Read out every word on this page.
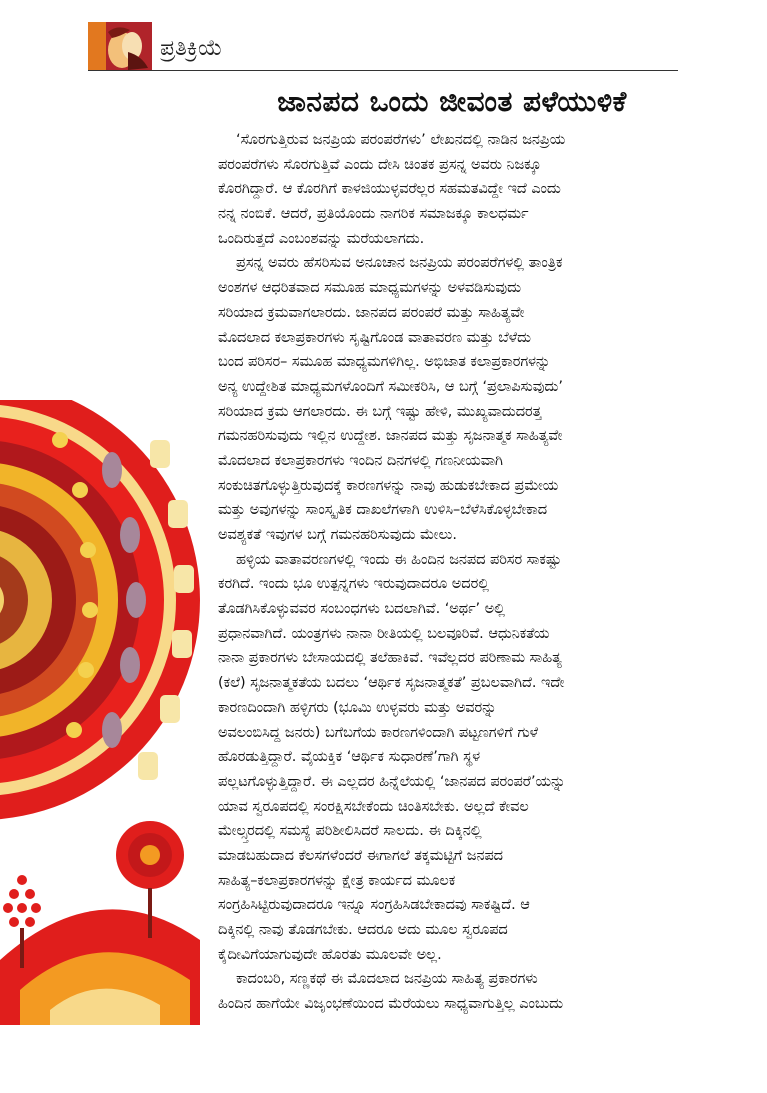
ಪ್ರತಿಕ್ರಿಯೆ
ಜಾನಪದ ಒಂದು ಜೀವಂತ ಪಳೆಯುಳಿಕೆ
‘ಸೊರಗುತ್ತಿರುವ ಜನಪ್ರಿಯ ಪರಂಪರೆಗಳು’ ಲೇಖನದಲ್ಲಿ ನಾಡಿನ ಜನಪ್ರಿಯ
ಪರಂಪರೆಗಳು ಸೊರಗುತ್ತಿವೆ ಎಂದು ದೇಸಿ ಚಿಂತಕ ಪ್ರಸನ್ನ ಅವರು ನಿಜಕ್ಕೂ
ಕೊರಗಿದ್ದಾರೆ. ಆ ಕೊರಗಿಗೆ ಕಾಳಜಿಯುಳ್ಳವರೆಲ್ಲರ ಸಹಮತವಿದ್ದೇ ಇದೆ ಎಂದು
ನನ್ನ ನಂಬಿಕೆ. ಆದರೆ, ಪ್ರತಿಯೊಂದು ನಾಗರಿಕ ಸಮಾಜಕ್ಕೂ ಕಾಲಧರ್ಮ
ಒಂದಿರುತ್ತದೆ ಎಂಬಂಶವನ್ನು ಮರೆಯಲಾಗದು.
ಪ್ರಸನ್ನ ಅವರು ಹೆಸರಿಸುವ ಅನೂಚಾನ ಜನಪ್ರಿಯ ಪರಂಪರೆಗಳಲ್ಲಿ ತಾಂತ್ರಿಕ
ಅಂಶಗಳ ಆಧರಿತವಾದ ಸಮೂಹ ಮಾಧ್ಯಮಗಳನ್ನು ಅಳವಡಿಸುವುದು
ಸರಿಯಾದ ಕ್ರಮವಾಗಲಾರದು. ಜಾನಪದ ಪರಂಪರೆ ಮತ್ತು ಸಾಹಿತ್ಯವೇ
ಮೊದಲಾದ ಕಲಾಪ್ರಕಾರಗಳು ಸೃಷ್ಟಿಗೊಂಡ ವಾತಾವರಣ ಮತ್ತು ಬೆಳೆದು
ಬಂದ ಪರಿಸರ– ಸಮೂಹ ಮಾಧ್ಯಮಗಳಿಗಿಲ್ಲ. ಅಭಿಜಾತ ಕಲಾಪ್ರಕಾರಗಳನ್ನು
ಅನ್ಯ ಉದ್ದೇಶಿತ ಮಾಧ್ಯಮಗಳೊಂದಿಗೆ ಸಮೀಕರಿಸಿ, ಆ ಬಗ್ಗೆ ‘ಪ್ರಲಾಪಿಸುವುದು’
ಸರಿಯಾದ ಕ್ರಮ ಆಗಲಾರದು. ಈ ಬಗ್ಗೆ ಇಷ್ಟು ಹೇಳಿ, ಮುಖ್ಯವಾದುದರತ್ತ
ಗಮನಹರಿಸುವುದು ಇಲ್ಲಿನ ಉದ್ದೇಶ. ಜಾನಪದ ಮತ್ತು ಸೃಜನಾತ್ಮಕ ಸಾಹಿತ್ಯವೇ
ಮೊದಲಾದ ಕಲಾಪ್ರಕಾರಗಳು ಇಂದಿನ ದಿನಗಳಲ್ಲಿ ಗಣನೀಯವಾಗಿ
ಸಂಕುಚಿತಗೊಳ್ಳುತ್ತಿರುವುದಕ್ಕೆ ಕಾರಣಗಳನ್ನು ನಾವು ಹುಡುಕಬೇಕಾದ ಪ್ರಮೇಯ
ಮತ್ತು ಅವುಗಳನ್ನು ಸಾಂಸ್ಕೃತಿಕ ದಾಖಲೆಗಳಾಗಿ ಉಳಿಸಿ–ಬೆಳೆಸಿಕೊಳ್ಳಬೇಕಾದ
ಅವಶ್ಯಕತೆ ಇವುಗಳ ಬಗ್ಗೆ ಗಮನಹರಿಸುವುದು ಮೇಲು.
ಹಳ್ಳಿಯ ವಾತಾವರಣಗಳಲ್ಲಿ ಇಂದು ಈ ಹಿಂದಿನ ಜನಪದ ಪರಿಸರ ಸಾಕಷ್ಟು
ಕರಗಿದೆ. ಇಂದು ಭೂ ಉತ್ಪನ್ನಗಳು ಇರುವುದಾದರೂ ಅದರಲ್ಲಿ
ತೊಡಗಿಸಿಕೊಳ್ಳುವವರ ಸಂಬಂಧಗಳು ಬದಲಾಗಿವೆ. ‘ಅರ್ಥ’ ಅಲ್ಲಿ
ಪ್ರಧಾನವಾಗಿದೆ. ಯಂತ್ರಗಳು ನಾನಾ ರೀತಿಯಲ್ಲಿ ಬಲವೂರಿವೆ. ಆಧುನಿಕತೆಯ
ನಾನಾ ಪ್ರಕಾರಗಳು ಬೇಸಾಯದಲ್ಲಿ ತಲೆಹಾಕಿವೆ. ಇವೆಲ್ಲದರ ಪರಿಣಾಮ ಸಾಹಿತ್ಯ
(ಕಲೆ) ಸೃಜನಾತ್ಮಕತೆಯ ಬದಲು ‘ಆರ್ಥಿಕ ಸೃಜನಾತ್ಮಕತೆ’ ಪ್ರಬಲವಾಗಿದೆ. ಇದೇ
ಕಾರಣದಿಂದಾಗಿ ಹಳ್ಳಿಗರು (ಭೂಮಿ ಉಳ್ಳವರು ಮತ್ತು ಅವರನ್ನು
ಅವಲಂಬಿಸಿದ್ದ ಜನರು) ಬಗೆಬಗೆಯ ಕಾರಣಗಳಿಂದಾಗಿ ಪಟ್ಟಣಗಳಿಗೆ ಗುಳೆ
ಹೊರಡುತ್ತಿದ್ದಾರೆ. ವೈಯಕ್ತಿಕ ‘ಆರ್ಥಿಕ ಸುಧಾರಣೆ’ಗಾಗಿ ಸ್ಥಳ
ಪಲ್ಲಟಗೊಳ್ಳುತ್ತಿದ್ದಾರೆ. ಈ ಎಲ್ಲದರ ಹಿನ್ನೆಲೆಯಲ್ಲಿ ‘ಜಾನಪದ ಪರಂಪರೆ’ಯನ್ನು
ಯಾವ ಸ್ವರೂಪದಲ್ಲಿ ಸಂರಕ್ಷಿಸಬೇಕೆಂದು ಚಿಂತಿಸಬೇಕು. ಅಲ್ಲದೆ ಕೇವಲ
ಮೇಲ್ಸ್ತರದಲ್ಲಿ ಸಮಸ್ಯೆ ಪರಿಶೀಲಿಸಿದರೆ ಸಾಲದು. ಈ ದಿಕ್ಕಿನಲ್ಲಿ
ಮಾಡಬಹುದಾದ ಕೆಲಸಗಳೆಂದರೆ ಈಗಾಗಲೆ ತಕ್ಕಮಟ್ಟಿಗೆ ಜನಪದ
ಸಾಹಿತ್ಯ–ಕಲಾಪ್ರಕಾರಗಳನ್ನು ಕ್ಷೇತ್ರ ಕಾರ್ಯದ ಮೂಲಕ
ಸಂಗ್ರಹಿಸಿಟ್ಟಿರುವುದಾದರೂ ಇನ್ನೂ ಸಂಗ್ರಹಿಸಿಡಬೇಕಾದವು ಸಾಕಷ್ಟಿದೆ. ಆ
ದಿಕ್ಕಿನಲ್ಲಿ ನಾವು ತೊಡಗಬೇಕು. ಆದರೂ ಅದು ಮೂಲ ಸ್ವರೂಪದ
ಕೈದೀವಿಗೆಯಾಗುವುದೇ ಹೊರತು ಮೂಲವೇ ಅಲ್ಲ.
ಕಾದಂಬರಿ, ಸಣ್ಣಕಥೆ ಈ ಮೊದಲಾದ ಜನಪ್ರಿಯ ಸಾಹಿತ್ಯ ಪ್ರಕಾರಗಳು
ಹಿಂದಿನ ಹಾಗೆಯೇ ವಿಜೃಂಭಣೆಯಿಂದ ಮೆರೆಯಲು ಸಾಧ್ಯವಾಗುತ್ತಿಲ್ಲ ಎಂಬುದು
